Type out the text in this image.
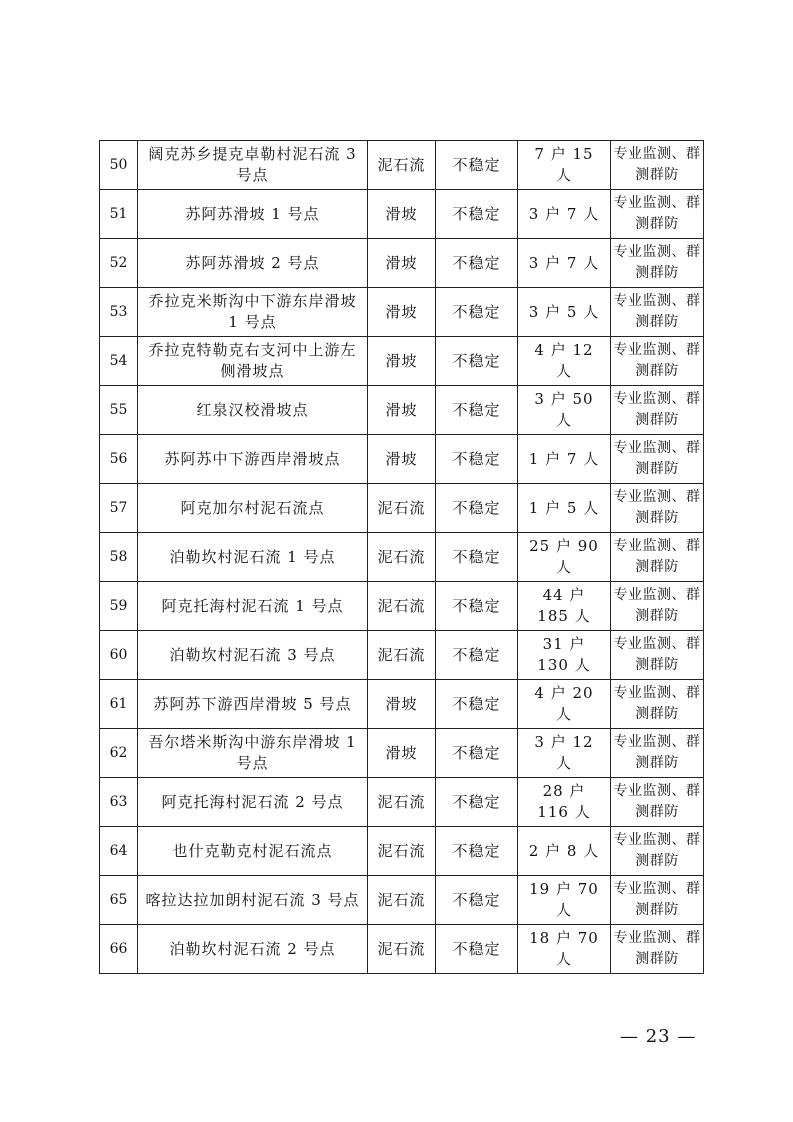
50	阔克苏乡提克卓勒村泥石流 3 号点	泥石流	不稳定	7 户 15 人	专业监测、群测群防
51	苏阿苏滑坡 1 号点	滑坡	不稳定	3 户 7 人	专业监测、群测群防
52	苏阿苏滑坡 2 号点	滑坡	不稳定	3 户 7 人	专业监测、群测群防
53	乔拉克米斯沟中下游东岸滑坡 1 号点	滑坡	不稳定	3 户 5 人	专业监测、群测群防
54	乔拉克特勒克右支河中上游左侧滑坡点	滑坡	不稳定	4 户 12 人	专业监测、群测群防
55	红泉汉校滑坡点	滑坡	不稳定	3 户 50 人	专业监测、群测群防
56	苏阿苏中下游西岸滑坡点	滑坡	不稳定	1 户 7 人	专业监测、群测群防
57	阿克加尔村泥石流点	泥石流	不稳定	1 户 5 人	专业监测、群测群防
58	泊勒坎村泥石流 1 号点	泥石流	不稳定	25 户 90 人	专业监测、群测群防
59	阿克托海村泥石流 1 号点	泥石流	不稳定	44 户 185 人	专业监测、群测群防
60	泊勒坎村泥石流 3 号点	泥石流	不稳定	31 户 130 人	专业监测、群测群防
61	苏阿苏下游西岸滑坡 5 号点	滑坡	不稳定	4 户 20 人	专业监测、群测群防
62	吾尔塔米斯沟中游东岸滑坡 1 号点	滑坡	不稳定	3 户 12 人	专业监测、群测群防
63	阿克托海村泥石流 2 号点	泥石流	不稳定	28 户 116 人	专业监测、群测群防
64	也什克勒克村泥石流点	泥石流	不稳定	2 户 8 人	专业监测、群测群防
65	喀拉达拉加朗村泥石流 3 号点	泥石流	不稳定	19 户 70 人	专业监测、群测群防
66	泊勒坎村泥石流 2 号点	泥石流	不稳定	18 户 70 人	专业监测、群测群防
— 23 —
